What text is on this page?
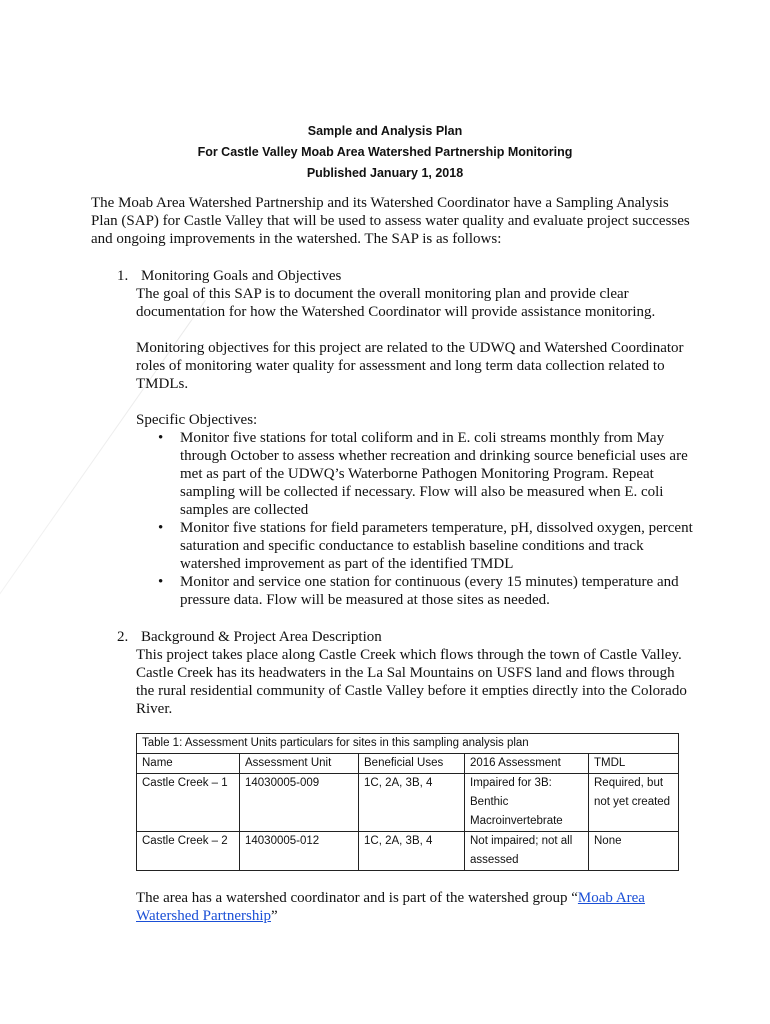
Sample and Analysis Plan
For Castle Valley Moab Area Watershed Partnership Monitoring
Published January 1, 2018
The Moab Area Watershed Partnership and its Watershed Coordinator have a Sampling Analysis Plan (SAP) for Castle Valley that will be used to assess water quality and evaluate project successes and ongoing improvements in the watershed. The SAP is as follows:
1. Monitoring Goals and Objectives
The goal of this SAP is to document the overall monitoring plan and provide clear documentation for how the Watershed Coordinator will provide assistance monitoring.
Monitoring objectives for this project are related to the UDWQ and Watershed Coordinator roles of monitoring water quality for assessment and long term data collection related to TMDLs.
Specific Objectives:
• Monitor five stations for total coliform and in E. coli streams monthly from May through October to assess whether recreation and drinking source beneficial uses are met as part of the UDWQ’s Waterborne Pathogen Monitoring Program. Repeat sampling will be collected if necessary. Flow will also be measured when E. coli samples are collected
• Monitor five stations for field parameters temperature, pH, dissolved oxygen, percent saturation and specific conductance to establish baseline conditions and track watershed improvement as part of the identified TMDL
• Monitor and service one station for continuous (every 15 minutes) temperature and pressure data. Flow will be measured at those sites as needed.
2. Background & Project Area Description
This project takes place along Castle Creek which flows through the town of Castle Valley. Castle Creek has its headwaters in the La Sal Mountains on USFS land and flows through the rural residential community of Castle Valley before it empties directly into the Colorado River.
Table 1: Assessment Units particulars for sites in this sampling analysis plan				
Name	Assessment Unit	Beneficial Uses	2016 Assessment	TMDL
Castle Creek – 1	14030005-009	1C, 2A, 3B, 4	Impaired for 3B: Benthic Macroinvertebrate	Required, but not yet created
Castle Creek – 2	14030005-012	1C, 2A, 3B, 4	Not impaired; not all assessed	None
The area has a watershed coordinator and is part of the watershed group “Moab Area Watershed Partnership”
